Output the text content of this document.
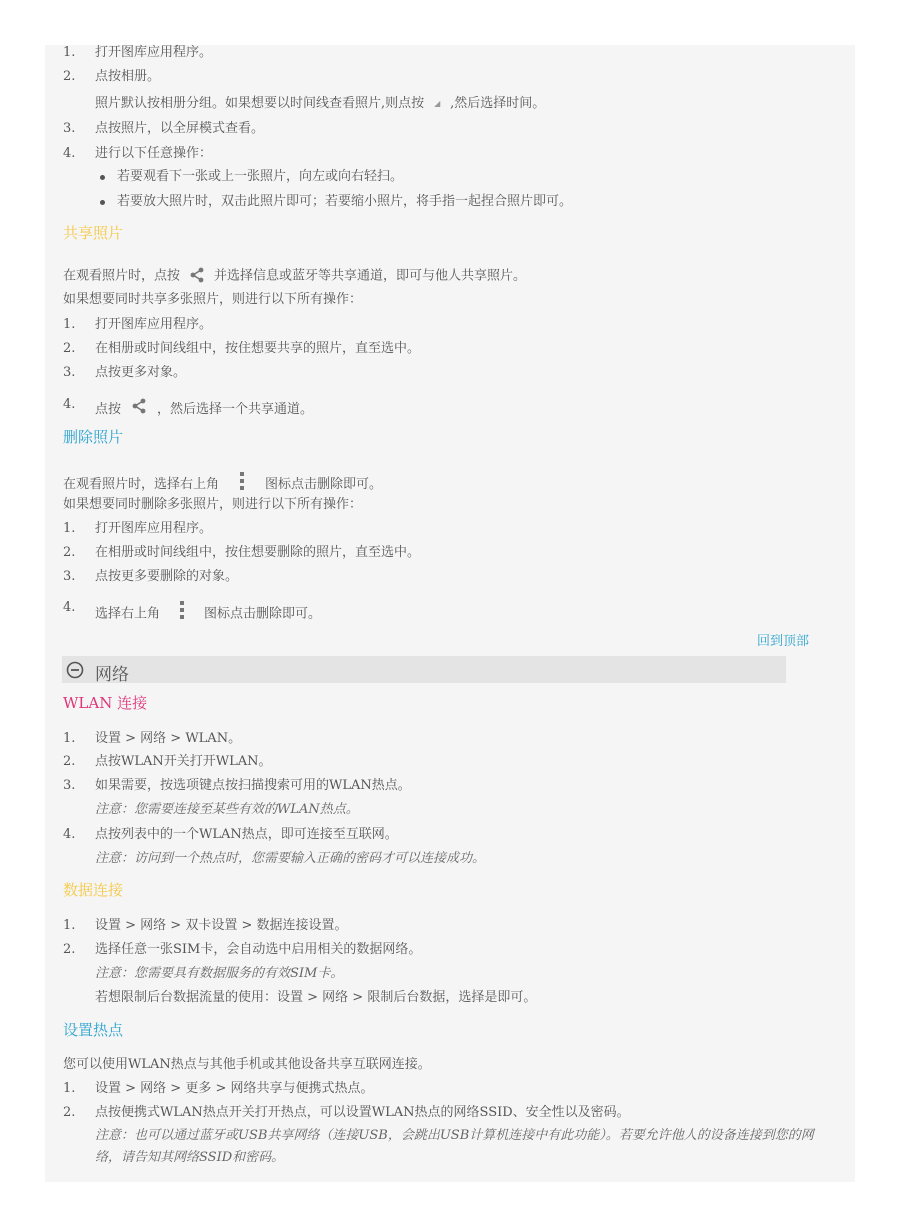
1.	打开图库应用程序。
2.	点按相册。
照片默认按相册分组。如果想要以时间线查看照片,则点按 ◢ ,然后选择时间。
3.	点按照片，以全屏模式查看。
4.	进行以下任意操作：
若要观看下一张或上一张照片，向左或向右轻扫。
若要放大照片时，双击此照片即可；若要缩小照片，将手指一起捏合照片即可。
共享照片
在观看照片时，点按	并选择信息或蓝牙等共享通道，即可与他人共享照片。
如果想要同时共享多张照片，则进行以下所有操作：
1.	打开图库应用程序。
2.	在相册或时间线组中，按住想要共享的照片，直至选中。
3.	点按更多对象。
4.	点按	，然后选择一个共享通道。
删除照片
在观看照片时，选择右上角	图标点击删除即可。
如果想要同时删除多张照片，则进行以下所有操作：
1.	打开图库应用程序。
2.	在相册或时间线组中，按住想要删除的照片，直至选中。
3.	点按更多要删除的对象。
4.	选择右上角	图标点击删除即可。
回到顶部
网络
WLAN 连接
1.	设置 > 网络 > WLAN。
2.	点按WLAN开关打开WLAN。
3.	如果需要，按选项键点按扫描搜索可用的WLAN热点。
注意：您需要连接至某些有效的WLAN热点。
4.	点按列表中的一个WLAN热点，即可连接至互联网。
注意：访问到一个热点时，您需要输入正确的密码才可以连接成功。
数据连接
1.	设置 > 网络 > 双卡设置 > 数据连接设置。
2.	选择任意一张SIM卡，会自动选中启用相关的数据网络。
注意：您需要具有数据服务的有效SIM卡。
若想限制后台数据流量的使用：设置 > 网络 > 限制后台数据，选择是即可。
设置热点
您可以使用WLAN热点与其他手机或其他设备共享互联网连接。
1.	设置 > 网络 > 更多 > 网络共享与便携式热点。
2.	点按便携式WLAN热点开关打开热点，可以设置WLAN热点的网络SSID、安全性以及密码。
注意：也可以通过蓝牙或USB共享网络（连接USB，会跳出USB计算机连接中有此功能）。若要允许他人的设备连接到您的网络，请告知其网络SSID和密码。
